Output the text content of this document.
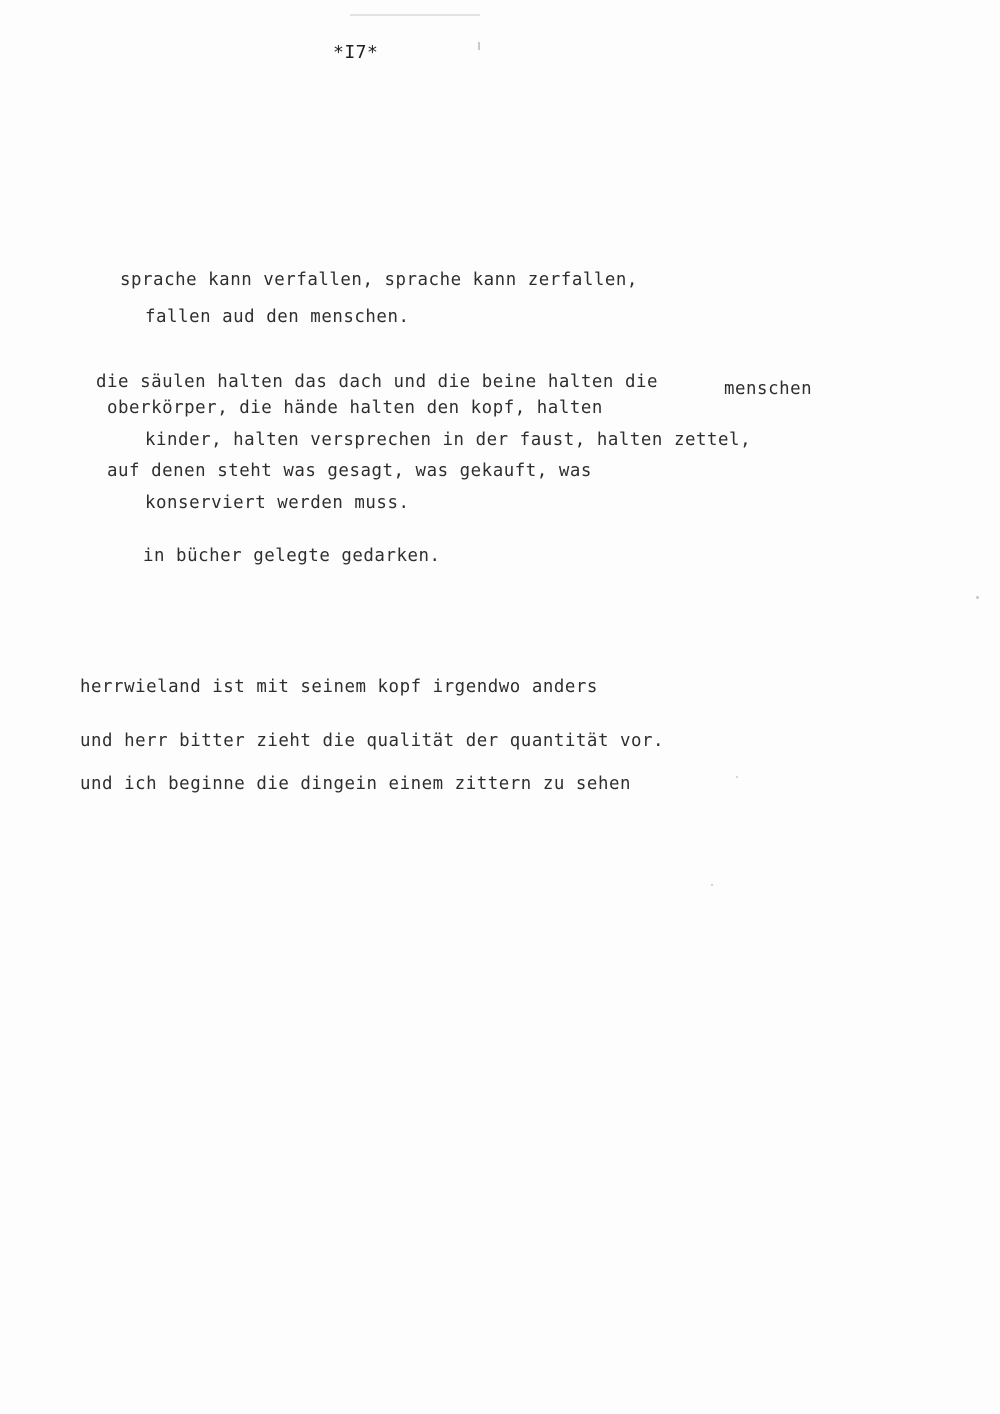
*I7*
sprache kann verfallen, sprache kann zerfallen,
fallen aud den menschen.
die säulen halten das dach und die beine halten die	menschen
oberkörper, die hände halten den kopf, halten
kinder, halten versprechen in der faust, halten zettel,
auf denen steht was gesagt, was gekauft, was
konserviert werden muss.
in bücher gelegte gedarken.
herrwieland ist mit seinem kopf irgendwo anders
und herr bitter zieht die qualität der quantität vor.
und ich beginne die dingein einem zittern zu sehen
